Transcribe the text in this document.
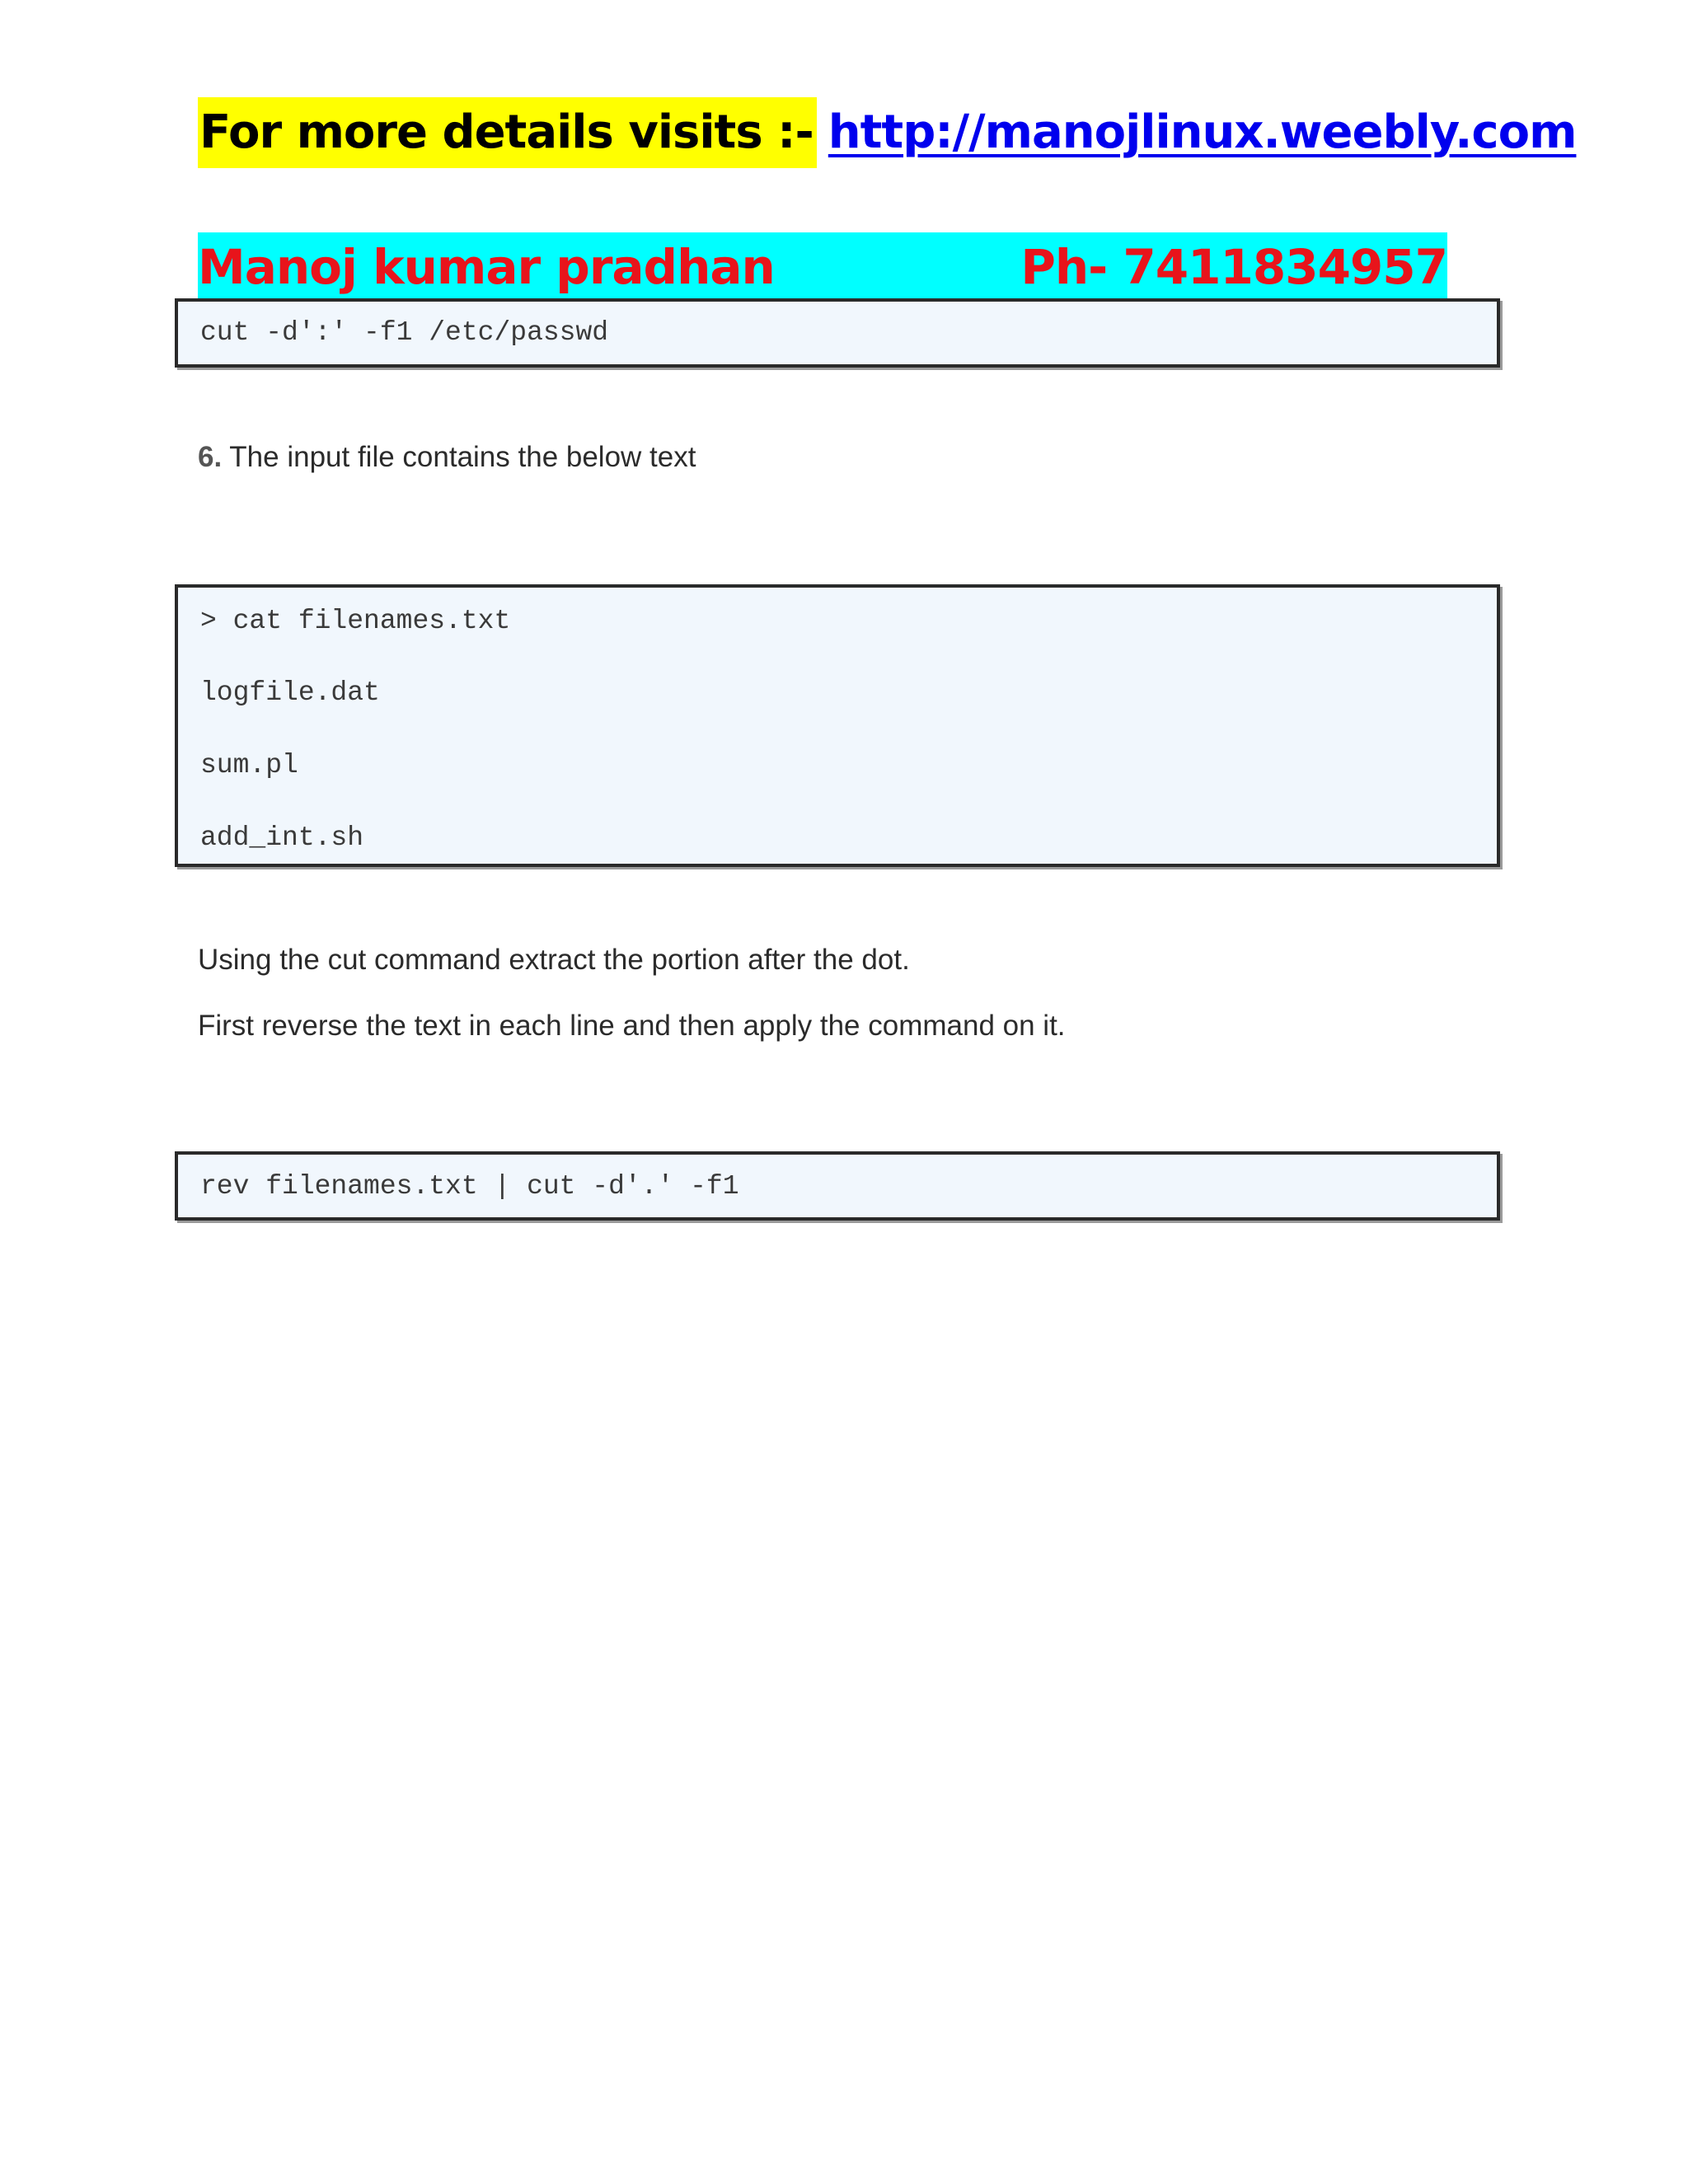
For more details visits :-http://manojlinux.weebly.com
Manoj kumar pradhan	Ph- 7411834957
cut -d':' -f1 /etc/passwd
6. The input file contains the below text
> cat filenames.txt
logfile.dat
sum.pl
add_int.sh
Using the cut command extract the portion after the dot.
First reverse the text in each line and then apply the command on it.
rev filenames.txt | cut -d'.' -f1
